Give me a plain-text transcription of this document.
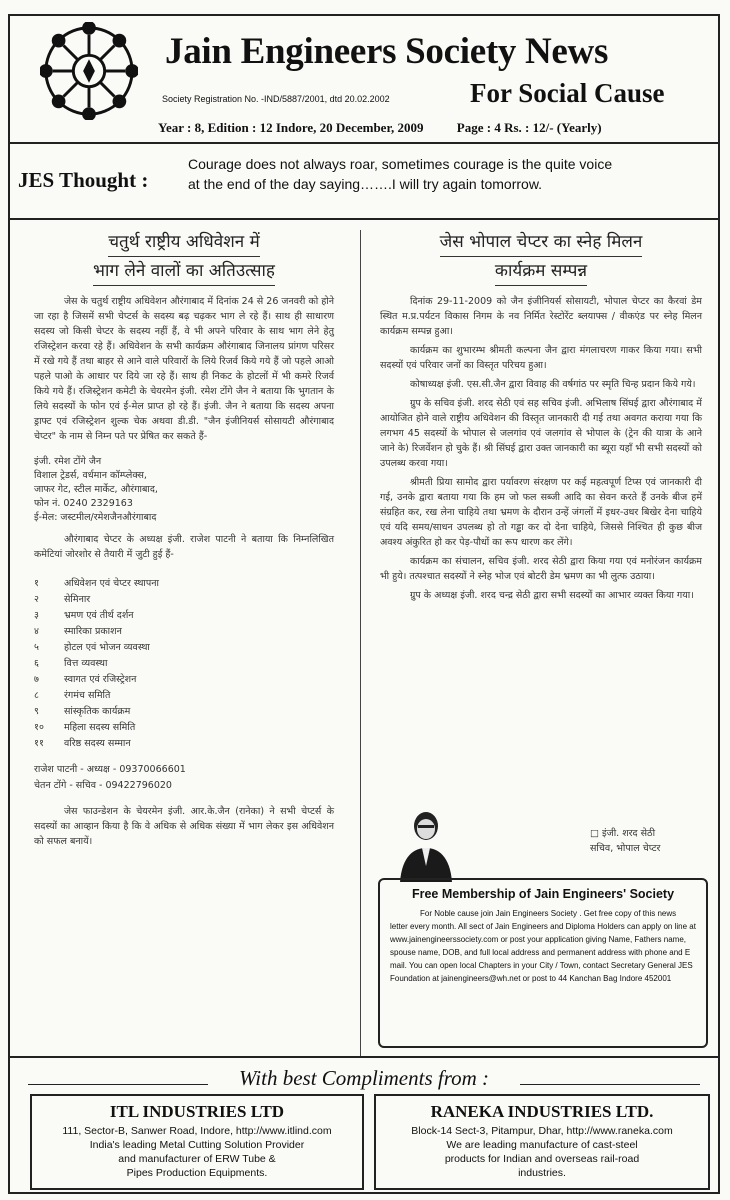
Jain Engineers Society News
Society Registration No. -IND/5887/2001, dtd 20.02.2002	For Social Cause
Year : 8, Edition : 12 Indore, 20 December, 2009	Page : 4 Rs. : 12/- (Yearly)
JES Thought :
Courage does not always roar, sometimes courage is the quite voice
at the end of the day saying…….I will try again tomorrow.
चतुर्थ राष्ट्रीय अधिवेशन में
भाग लेने वालों का अतिउत्साह

जेस के चतुर्थ राष्ट्रीय अधिवेशन औरंगाबाद में दिनांक 24 से 26 जनवरी को होने जा रहा है जिसमें सभी चेप्टर्स के सदस्य बढ़ चढ़कर भाग ले रहे हैं। साथ ही साधारण सदस्य जो किसी चेप्टर के सदस्य नहीं हैं, वे भी अपने परिवार के साथ भाग लेने हेतु रजिस्ट्रेशन करवा रहे हैं। अधिवेशन के सभी कार्यक्रम औरंगाबाद जिनालय प्रांगण परिसर में रखे गये हैं तथा बाहर से आने वाले परिवारों के लिये रिजर्व किये गये हैं जो पहले आओ पहले पाओ के आधार पर दिये जा रहे हैं। साथ ही निकट के होटलों में भी कमरे रिजर्व किये गये हैं। रजिस्ट्रेशन कमेटी के चेयरमेन इंजी. रमेश टोंगे जैन ने बताया कि भुगतान के लिये सदस्यों के फोन एवं ई-मेल प्राप्त हो रहे हैं। इंजी. जैन ने बताया कि सदस्य अपना ड्राफ्ट एवं रजिस्ट्रेशन शुल्क चेक अथवा डी.डी. "जैन इंजीनियर्स सोसायटी औरंगाबाद चेप्टर" के नाम से निम्न पते पर प्रेषित कर सकते हैं-

इंजी. रमेश टोंगे जैन
विशाल ट्रेडर्स, वर्धमान कॉम्प्लेक्स,
जाफर गेट, स्टील मार्केट, औरंगाबाद,
फोन नं. 0240 2329163
ई-मेल: जस्टमील/रमेशजैनऔरंगाबाद

औरंगाबाद चेप्टर के अध्यक्ष इंजी. राजेश पाटनी ने बताया कि निम्नलिखित कमेटियां जोरशोर से तैयारी में जुटी हुई हैं-

१	अधिवेशन एवं चेप्टर स्थापना
२	सेमिनार
३	भ्रमण एवं तीर्थ दर्शन
४	स्मारिका प्रकाशन
५	होटल एवं भोजन व्यवस्था
६	वित्त व्यवस्था
७	स्वागत एवं रजिस्ट्रेशन
८	रंगमंच समिति
९	सांस्कृतिक कार्यक्रम
१० महिला सदस्य समिति
११ वरिष्ठ सदस्य सम्मान
राजेश पाटनी - अध्यक्ष - 09370066601
चेतन टोंगे - सचिव - 09422796020

जेस फाउन्डेशन के चेयरमेन इंजी. आर.के.जैन (रानेका) ने सभी चेप्टर्स के सदस्यों का आव्हान किया है कि वे अधिक से अधिक संख्या में भाग लेकर इस अधिवेशन को सफल बनायें।

जेस भोपाल चेप्टर का स्नेह मिलन
कार्यक्रम सम्पन्न

दिनांक 29-11-2009 को जैन इंजीनियर्स सोसायटी, भोपाल चेप्टर का कैरवां डेम स्थित म.प्र.पर्यटन विकास निगम के नव निर्मित रेस्टोरेंट ब्लयाफ्स / वीकएंड पर स्नेह मिलन कार्यक्रम सम्पन्न हुआ।

कार्यक्रम का शुभारम्भ श्रीमती कल्पना जैन द्वारा मंगलाचरण गाकर किया गया। सभी सदस्यों एवं परिवार जनों का विस्तृत परिचय हुआ।

कोषाध्यक्ष इंजी. एस.सी.जैन द्वारा विवाह की वर्षगांठ पर स्मृति चिन्ह प्रदान किये गये।

ग्रुप के सचिव इंजी. शरद सेठी एवं सह सचिव इंजी. अभिलाष सिंघई द्वारा औरंगाबाद में आयोजित होने वाले राष्ट्रीय अधिवेशन की विस्तृत जानकारी दी गई तथा अवगत कराया गया कि लगभग 45 सदस्यों के भोपाल से जलगांव एवं जलगांव से भोपाल के (ट्रेन की यात्रा के आने जाने के) रिजर्वेशन हो चुके हैं। श्री सिंघई द्वारा उक्त जानकारी का ब्यूरा यहाँ भी सभी सदस्यों को उपलब्ध करवा गया।

श्रीमती प्रिया सामोद द्वारा पर्यावरण संरक्षण पर कई महत्वपूर्ण टिप्स एवं जानकारी दी गई, उनके द्वारा बताया गया कि हम जो फल सब्जी आदि का सेवन करते हैं उनके बीज हमें संग्रहित कर, रख लेना चाहिये तथा भ्रमण के दौरान उन्हें जंगलों में इधर-उधर बिखेर देना चाहिये एवं यदि समय/साधन उपलब्ध हो तो गड्ढा कर दो देना चाहिये, जिससे निश्चित ही कुछ बीज अवश्य अंकुरित हो कर पेड़-पौधों का रूप धारण कर लेंगे।

कार्यक्रम का संचालन, सचिव इंजी. शरद सेठी द्वारा किया गया एवं मनोरंजन कार्यक्रम भी हुये। तत्पश्चात सदस्यों ने स्नेह भोज एवं बोटरी डेम भ्रमण का भी लुत्फ उठाया।

ग्रुप के अध्यक्ष इंजी. शरद चन्द्र सेठी द्वारा सभी सदस्यों का आभार व्यक्त किया गया।

□ इंजी. शरद सेठी
सचिव, भोपाल चेप्टर
Free Membership of Jain Engineers' Society
For Noble cause join Jain Engineers Society . Get free copy of this news letter every month. All sect of Jain Engineers and Diploma Holders can apply on line at www.jainengineerssociety.com or post your application giving Name, Fathers name, spouse name, DOB, and full local address and permanent address with phone and E mail. You can open local Chapters in your City / Town, contact Secretary General JES Foundation at jainengineers@wh.net or post to 44 Kanchan Bag Indore 452001
With best Compliments from :
ITL INDUSTRIES LTD
111, Sector-B, Sanwer Road, Indore, http://www.itlind.com
India's leading Metal Cutting Solution Provider
and manufacturer of ERW Tube &
Pipes Production Equipments.
RANEKA INDUSTRIES LTD.
Block-14 Sect-3, Pitampur, Dhar, http://www.raneka.com
We are leading manufacture of cast-steel
products for Indian and overseas rail-road
industries.
